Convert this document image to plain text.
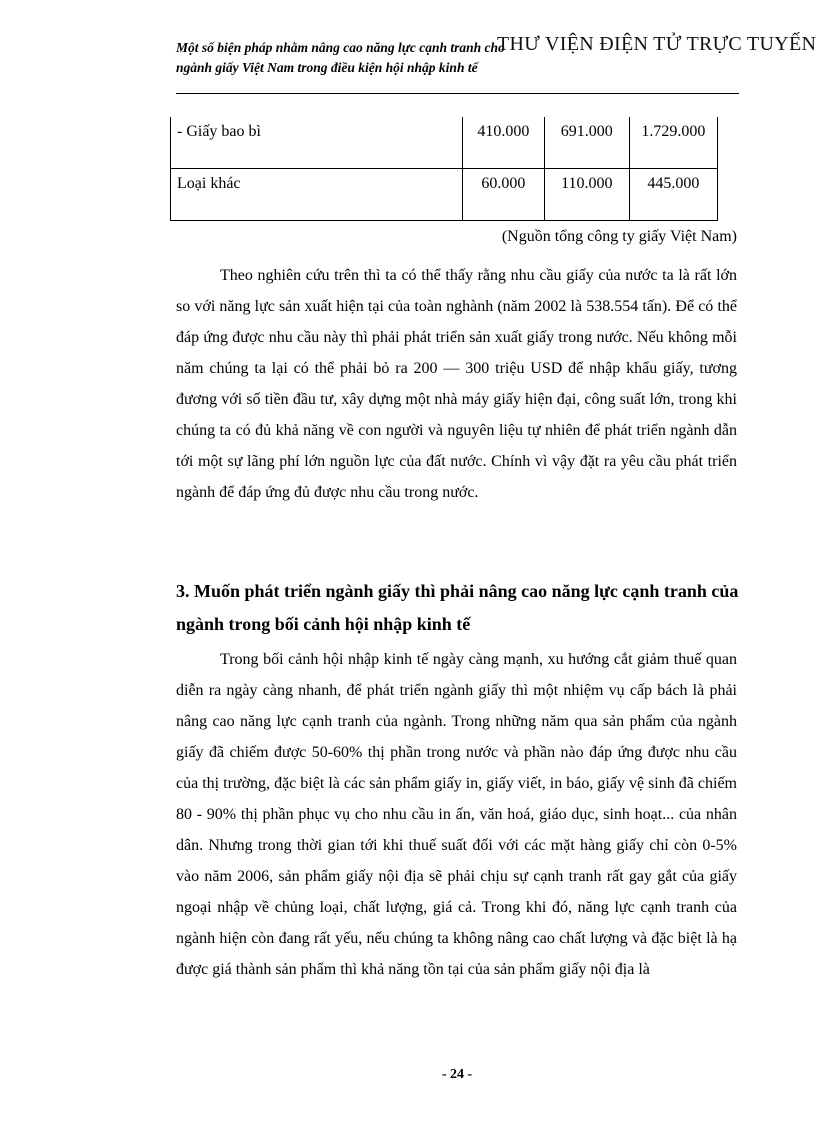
Một số biện pháp nhằm nâng cao năng lực cạnh tranh cho
ngành giấy Việt Nam trong điều kiện hội nhập kinh tế
THƯ VIỆN ĐIỆN TỬ TRỰC TUYẾN
- Giấy bao bì	410.000	691.000	1.729.000
Loại khác	60.000	110.000	445.000
(Nguồn tổng công ty giấy Việt Nam)
Theo nghiên cứu trên thì ta có thể thấy rằng nhu cầu giấy của nước ta là rất lớn so với năng lực sản xuất hiện tại của toàn nghành (năm 2002 là 538.554 tấn). Để có thể đáp ứng được nhu cầu này thì phải phát triển sản xuất giấy trong nước. Nếu không mỗi năm chúng ta lại có thể phải bỏ ra 200 — 300 triệu USD để nhập khẩu giấy, tương đương với số tiền đầu tư, xây dựng một nhà máy giấy hiện đại, công suất lớn, trong khi chúng ta có đủ khả năng về con người và nguyên liệu tự nhiên để phát triển ngành dẫn tới một sự lãng phí lớn nguồn lực của đất nước. Chính vì vậy đặt ra yêu cầu phát triển ngành để đáp ứng đủ được nhu cầu trong nước.
3. Muốn phát triển ngành giấy thì phải nâng cao năng lực cạnh tranh của ngành trong bối cảnh hội nhập kinh tế
Trong bối cảnh hội nhập kinh tế ngày càng mạnh, xu hướng cắt giảm thuế quan diễn ra ngày càng nhanh, để phát triển ngành giấy thì một nhiệm vụ cấp bách là phải nâng cao năng lực cạnh tranh của ngành. Trong những năm qua sản phẩm của ngành giấy đã chiếm được 50-60% thị phần trong nước và phần nào đáp ứng được nhu cầu của thị trường, đặc biệt là các sản phẩm giấy in, giấy viết, in báo, giấy vệ sinh đã chiếm 80 - 90% thị phần phục vụ cho nhu cầu in ấn, văn hoá, giáo dục, sinh hoạt... của nhân dân. Nhưng trong thời gian tới khi thuế suất đối với các mặt hàng giấy chỉ còn 0-5% vào năm 2006, sản phẩm giấy nội địa sẽ phải chịu sự cạnh tranh rất gay gắt của giấy ngoại nhập về chủng loại, chất lượng, giá cả. Trong khi đó, năng lực cạnh tranh của ngành hiện còn đang rất yếu, nếu chúng ta không nâng cao chất lượng và đặc biệt là hạ được giá thành sản phẩm thì khả năng tồn tại của sản phẩm giấy nội địa là
- 24 -
